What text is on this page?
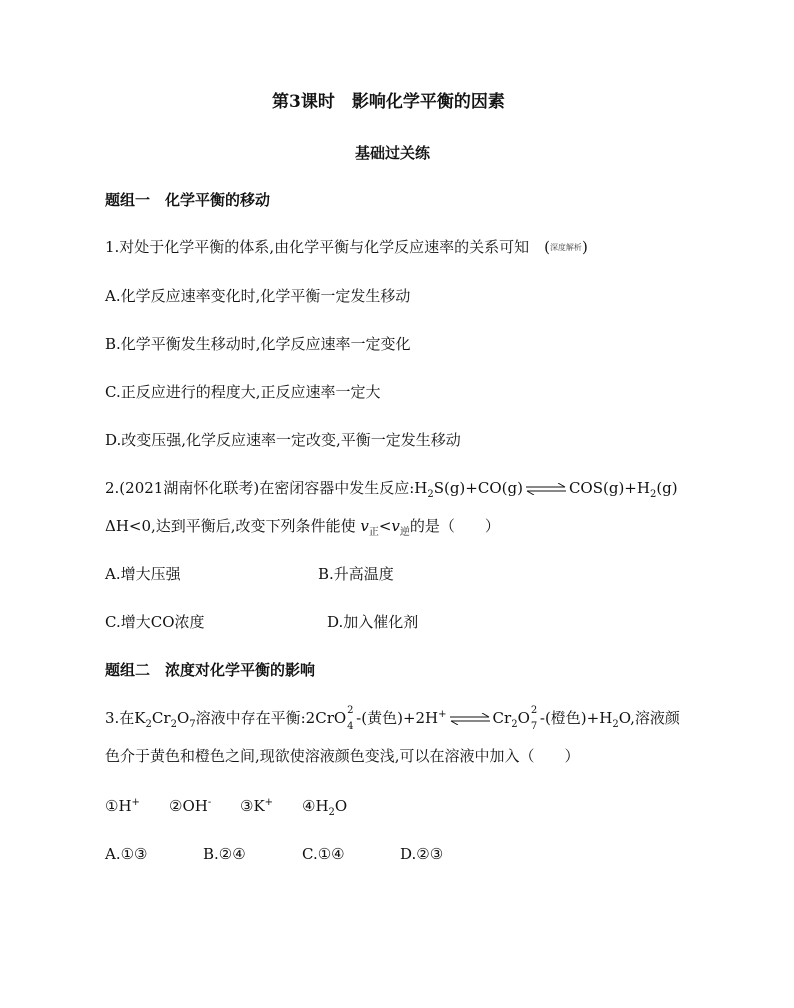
第3课时　影响化学平衡的因素
基础过关练
题组一　化学平衡的移动
1.对处于化学平衡的体系,由化学平衡与化学反应速率的关系可知　(深度解析)
A.化学反应速率变化时,化学平衡一定发生移动
B.化学平衡发生移动时,化学反应速率一定变化
C.正反应进行的程度大,正反应速率一定大
D.改变压强,化学反应速率一定改变,平衡一定发生移动
2.(2021湖南怀化联考)在密闭容器中发生反应$:H_2S(g)+CO(g)$ ⇌ $COS(g)+H_2(g)$
ΔH<0,达到平衡后,改变下列条件能使 $v_正<v_逆$的是（　　）
A.增大压强	B.升高温度
C.增大CO浓度	D.加入催化剂
题组二　浓度对化学平衡的影响
3.在$K_2Cr_2O_7$溶液中存在平衡:2CrO 2
4 -(黄色)+2H+ ⇌ $Cr_2O$ 2
7 -(橙色)$+H_2O$,溶液颜
色介于黄色和橙色之间,现欲使溶液颜色变浅,可以在溶液中加入（　　）
①H+ ②OH- ③K+ $④H_2O$
A.①③	B.②④	C.①④	D.②③
